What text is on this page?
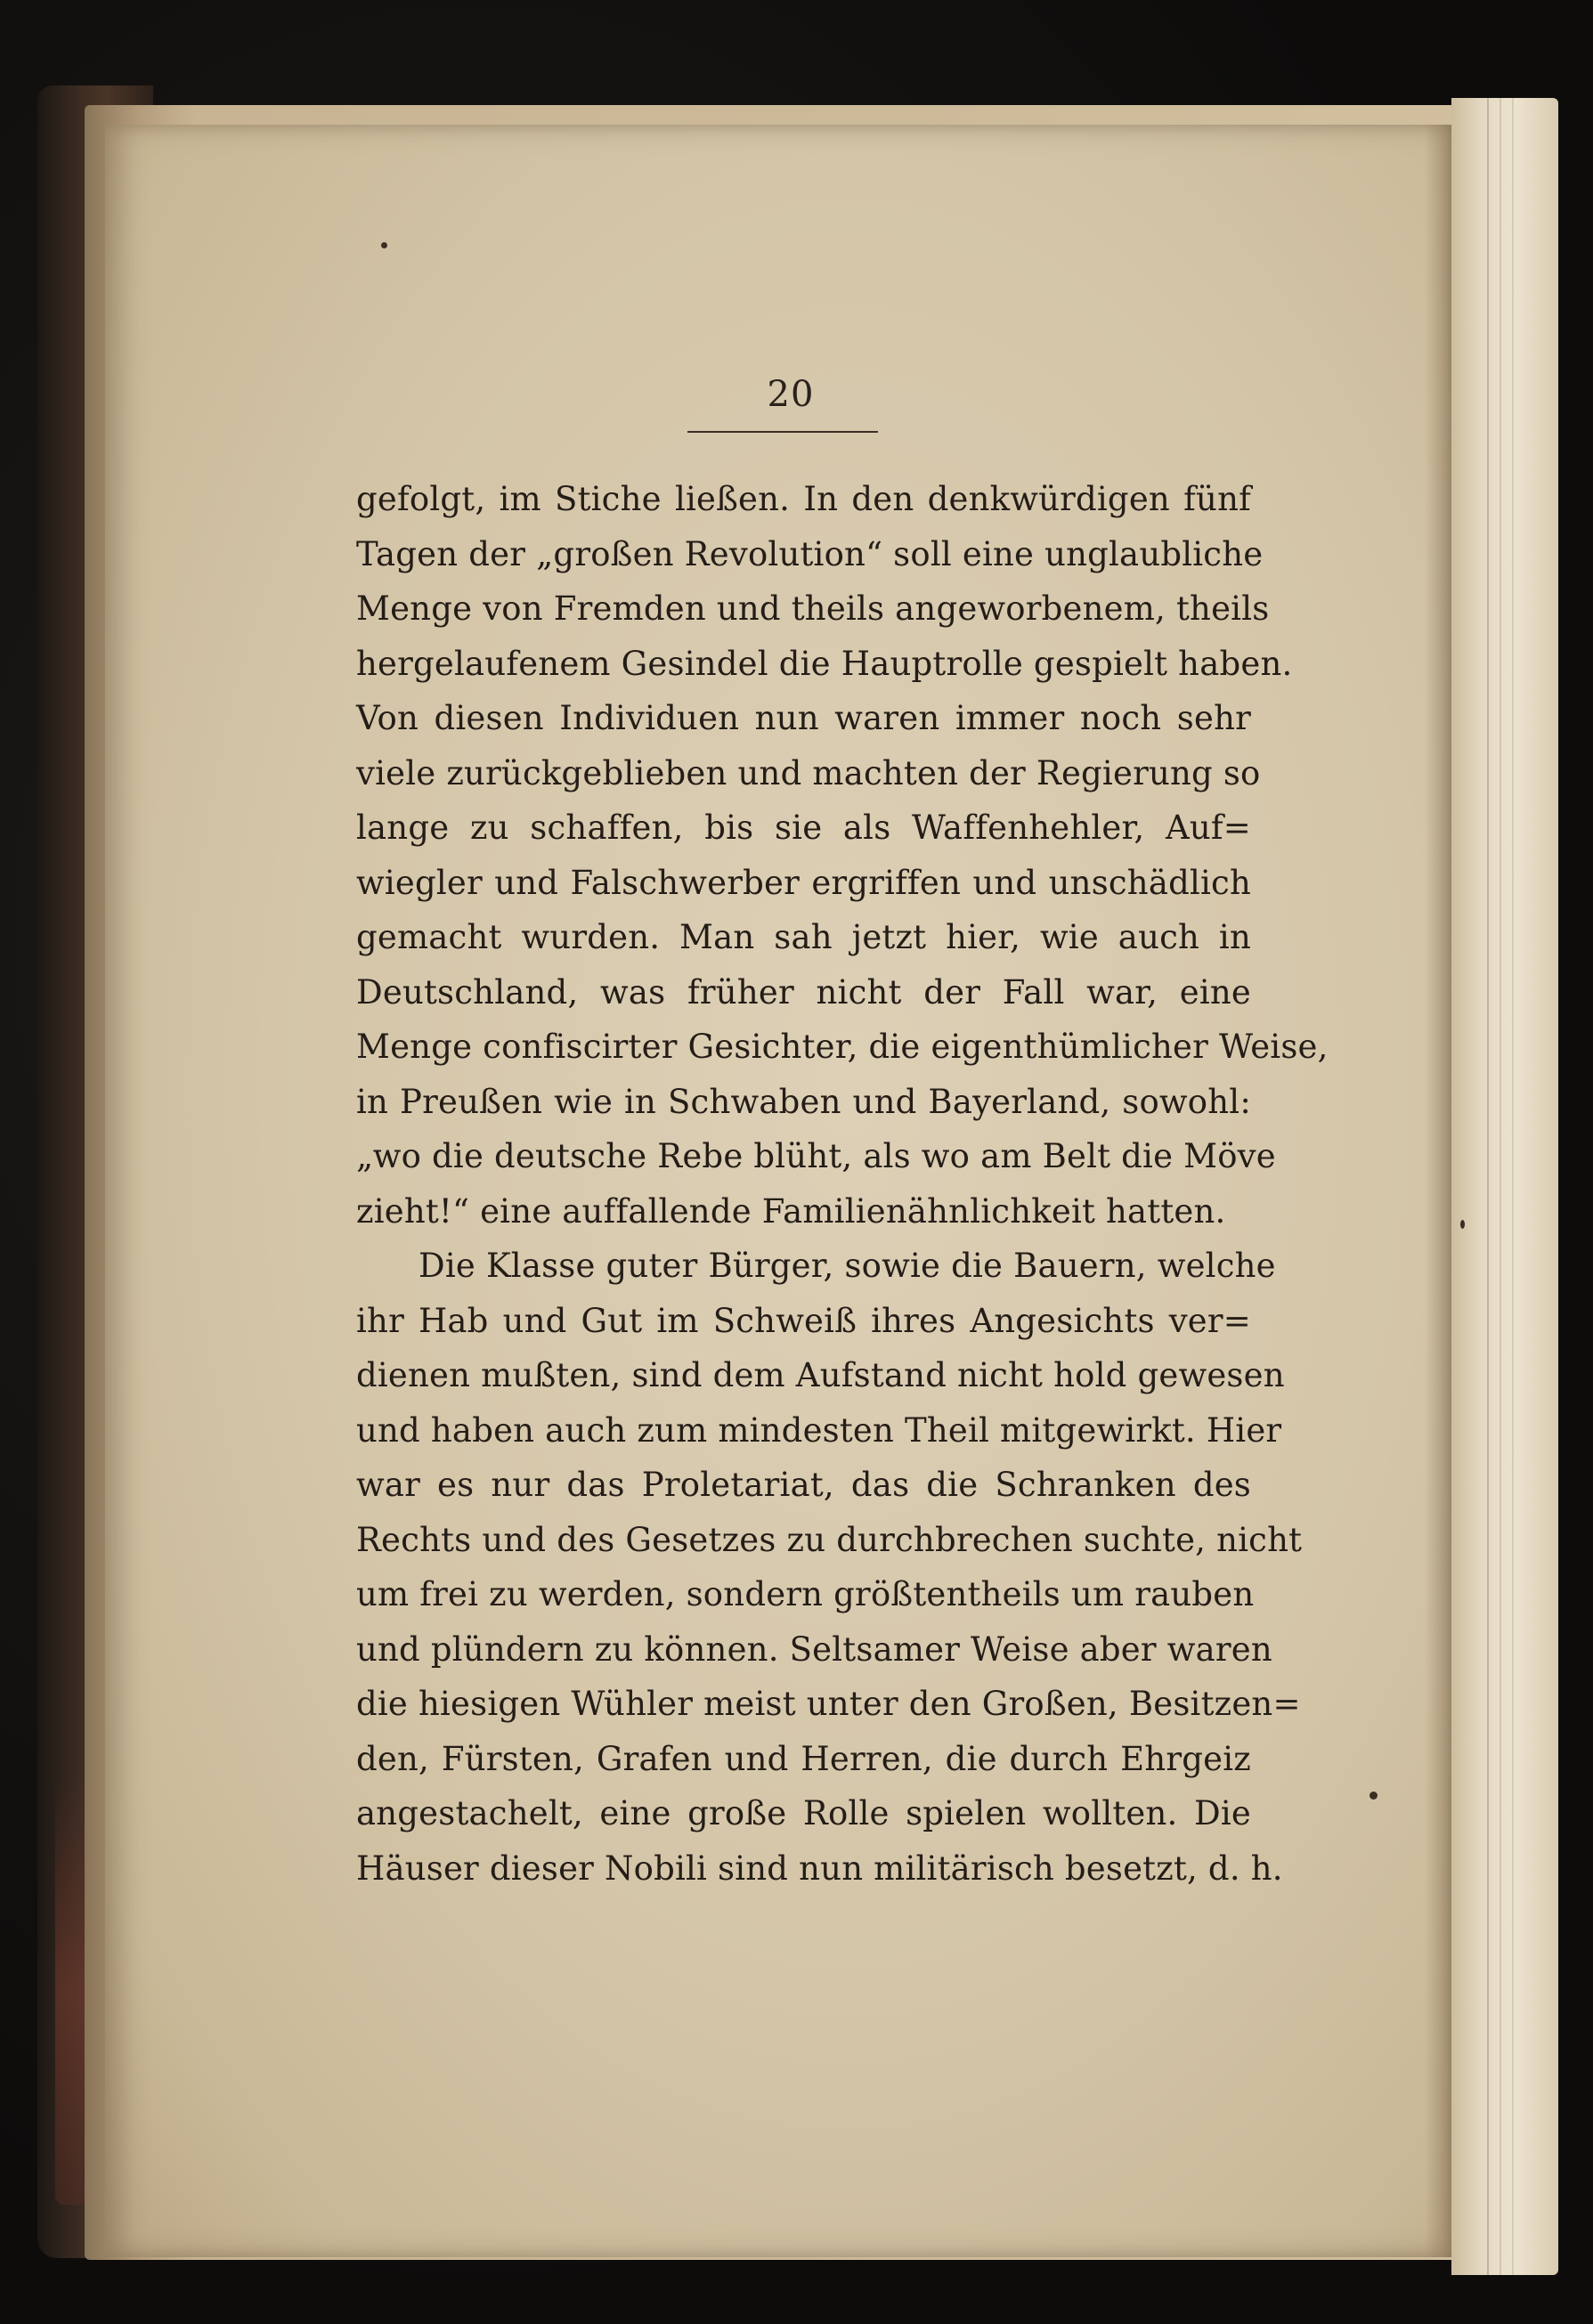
20
gefolgt, im Stiche ließen. In den denkwürdigen fünf
Tagen der „großen Revolution“ soll eine unglaubliche
Menge von Fremden und theils angeworbenem, theils
hergelaufenem Gesindel die Hauptrolle gespielt haben.
Von diesen Individuen nun waren immer noch sehr
viele zurückgeblieben und machten der Regierung so
lange zu schaffen, bis sie als Waffenhehler, Auf=
wiegler und Falschwerber ergriffen und unschädlich
gemacht wurden. Man sah jetzt hier, wie auch in
Deutschland, was früher nicht der Fall war, eine
Menge confiscirter Gesichter, die eigenthümlicher Weise,
in Preußen wie in Schwaben und Bayerland, sowohl:
„wo die deutsche Rebe blüht, als wo am Belt die Möve
zieht!“ eine auffallende Familienähnlichkeit hatten.
Die Klasse guter Bürger, sowie die Bauern, welche
ihr Hab und Gut im Schweiß ihres Angesichts ver=
dienen mußten, sind dem Aufstand nicht hold gewesen
und haben auch zum mindesten Theil mitgewirkt. Hier
war es nur das Proletariat, das die Schranken des
Rechts und des Gesetzes zu durchbrechen suchte, nicht
um frei zu werden, sondern größtentheils um rauben
und plündern zu können. Seltsamer Weise aber waren
die hiesigen Wühler meist unter den Großen, Besitzen=
den, Fürsten, Grafen und Herren, die durch Ehrgeiz
angestachelt, eine große Rolle spielen wollten. Die
Häuser dieser Nobili sind nun militärisch besetzt, d. h.
